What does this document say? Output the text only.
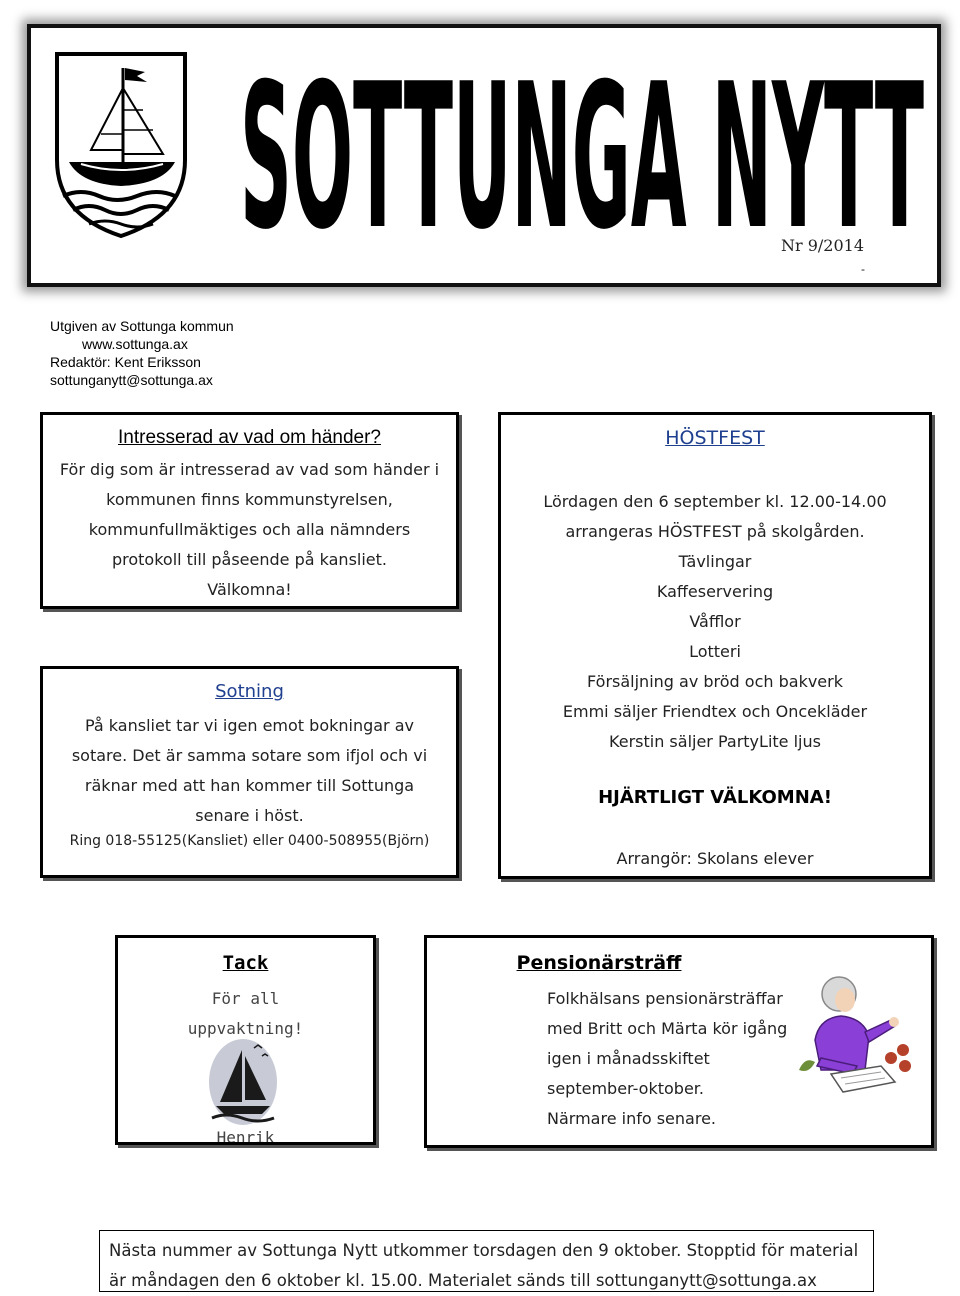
SOTTUNGA NYTT
Nr 9/2014
-
Utgiven av Sottunga kommun
www.sottunga.ax
Redaktör: Kent Eriksson
sottunganytt@sottunga.ax
Intresserad av vad om händer?
För dig som är intresserad av vad som händer i
kommunen finns kommunstyrelsen,
kommunfullmäktiges och alla nämnders
protokoll till påseende på kansliet.
Välkomna!
Sotning
På kansliet tar vi igen emot bokningar av
sotare. Det är samma sotare som ifjol och vi
räknar med att han kommer till Sottunga
senare i höst.
Ring 018-55125(Kansliet) eller 0400-508955(Björn)
HÖSTFEST
Lördagen den 6 september kl. 12.00-14.00
arrangeras HÖSTFEST på skolgården.
Tävlingar
Kaffeservering
Våfflor
Lotteri
Försäljning av bröd och bakverk
Emmi säljer Friendtex och Oncekläder
Kerstin säljer PartyLite ljus
HJÄRTLIGT VÄLKOMNA!
Arrangör: Skolans elever
Tack
För all
uppvaktning!
Henrik
Pensionärsträff
Folkhälsans pensionärsträffar
med Britt och Märta kör igång
igen i månadsskiftet
september-oktober.
Närmare info senare.
Nästa nummer av Sottunga Nytt utkommer torsdagen den 9 oktober. Stopptid för material
är måndagen den 6 oktober kl. 15.00. Materialet sänds till sottunganytt@sottunga.ax
